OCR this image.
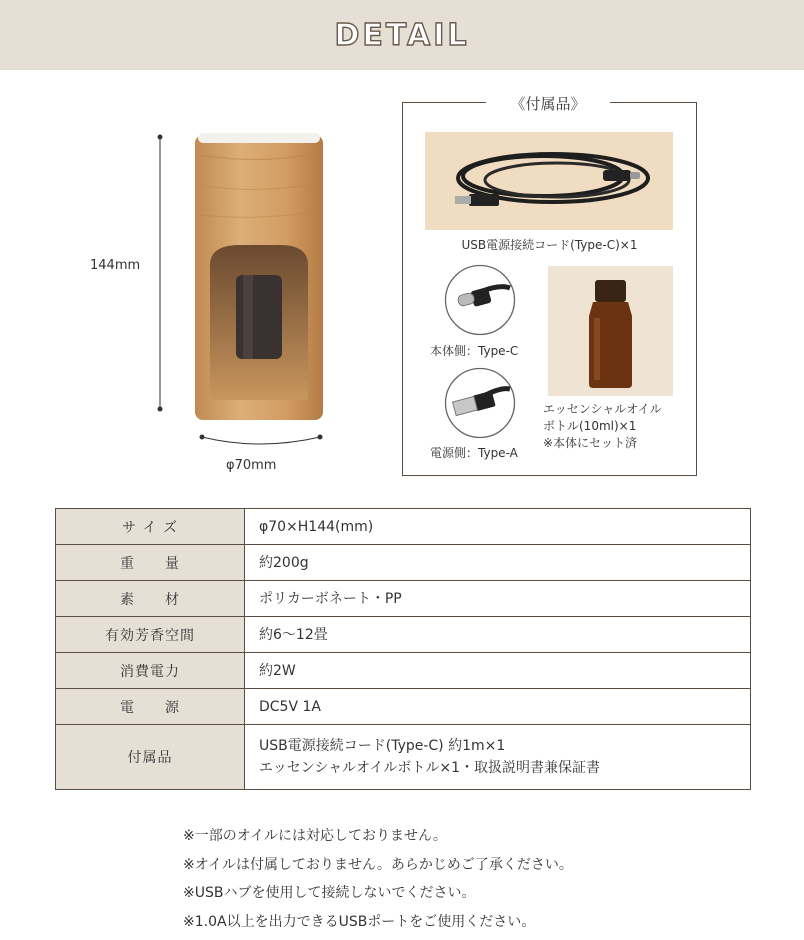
DETAIL
144mm
φ70mm
《付属品》
USB電源接続コード(Type-C)×1
本体側：Type-C
電源側：Type-A
エッセンシャルオイル
ボトル(10ml)×1
※本体にセット済
サ イ ズ	φ70×H144(mm)

重　　量	約200g

素　　材	ポリカーボネート・PP

有効芳香空間	約6〜12畳

消費電力	約2W

電　　源	DC5V 1A

付属品	USB電源接続コード(Type-C) 約1m×1
エッセンシャルオイルボトル×1・取扱説明書兼保証書
※一部のオイルには対応しておりません。
※オイルは付属しておりません。あらかじめご了承ください。
※USBハブを使用して接続しないでください。
※1.0A以上を出力できるUSBポートをご使用ください。
